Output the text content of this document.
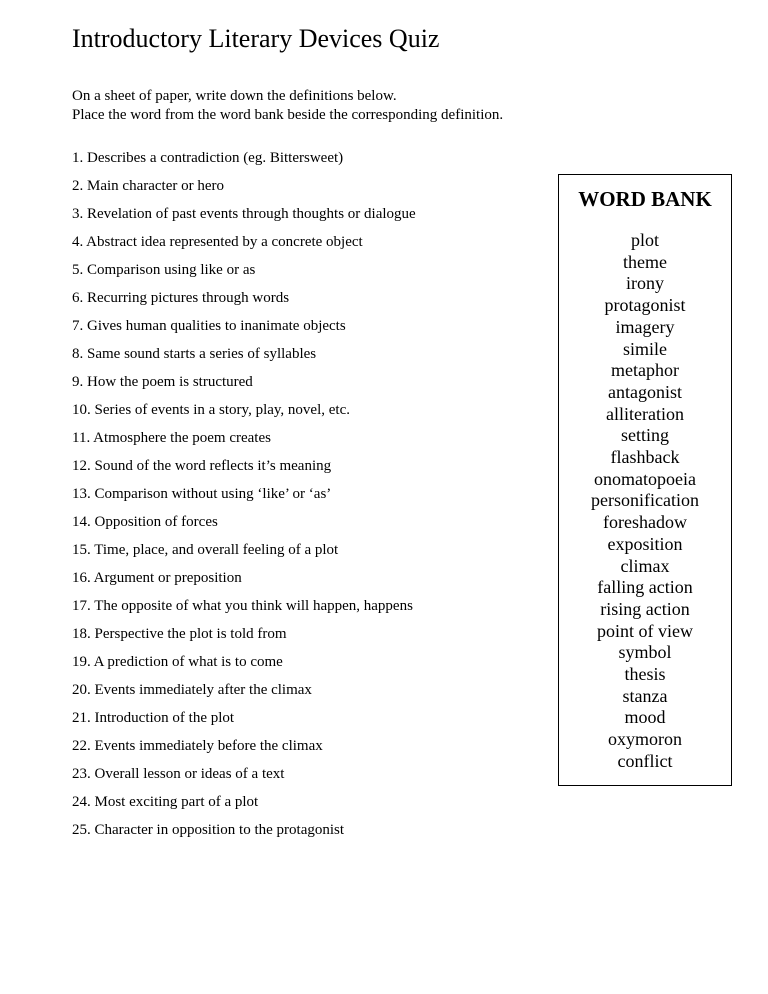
Introductory Literary Devices Quiz
On a sheet of paper, write down the definitions below.
Place the word from the word bank beside the corresponding definition.
1. Describes a contradiction (eg. Bittersweet)
2. Main character or hero
3. Revelation of past events through thoughts or dialogue
4. Abstract idea represented by a concrete object
5. Comparison using like or as
6. Recurring pictures through words
7. Gives human qualities to inanimate objects
8. Same sound starts a series of syllables
9. How the poem is structured
10. Series of events in a story, play, novel, etc.
11. Atmosphere the poem creates
12. Sound of the word reflects it’s meaning
13. Comparison without using ‘like’ or ‘as’
14. Opposition of forces
15. Time, place, and overall feeling of a plot
16. Argument or preposition
17. The opposite of what you think will happen, happens
18. Perspective the plot is told from
19. A prediction of what is to come
20. Events immediately after the climax
21. Introduction of the plot
22. Events immediately before the climax
23. Overall lesson or ideas of a text
24. Most exciting part of a plot
25. Character in opposition to the protagonist
WORD BANK
plot
theme
irony
protagonist
imagery
simile
metaphor
antagonist
alliteration
setting
flashback
onomatopoeia
personification
foreshadow
exposition
climax
falling action
rising action
point of view
symbol
thesis
stanza
mood
oxymoron
conflict
